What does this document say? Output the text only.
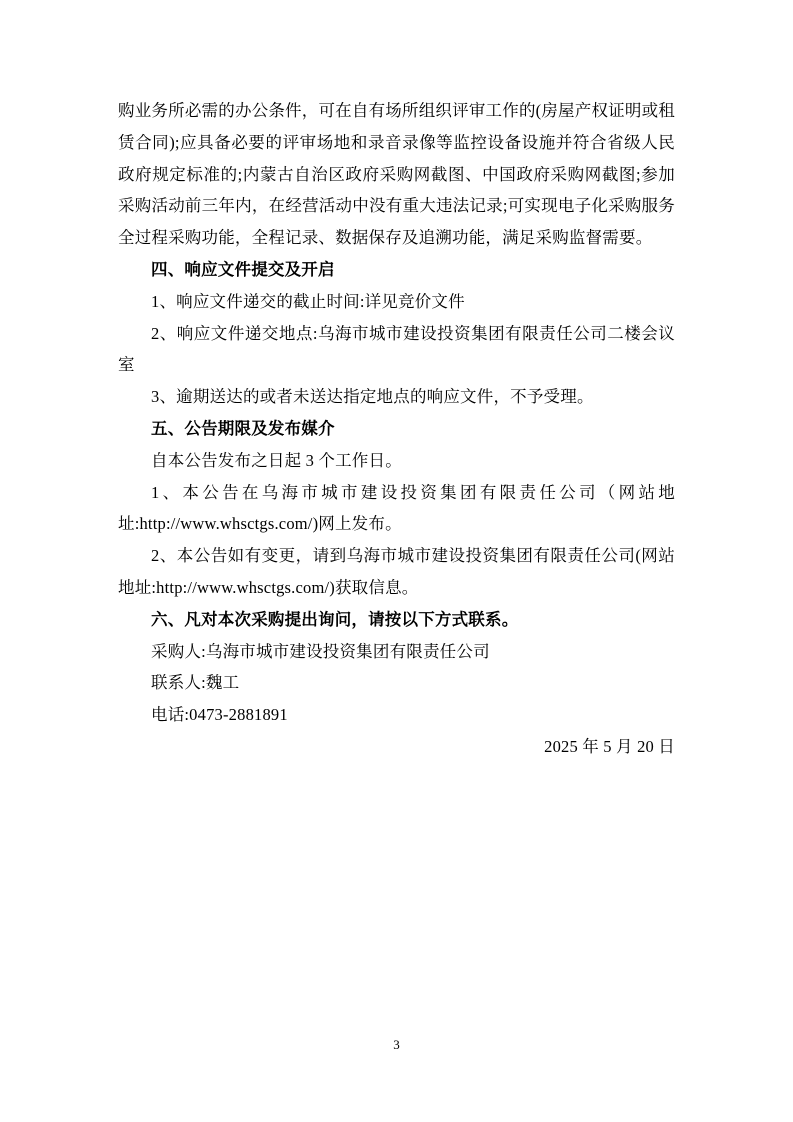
购业务所必需的办公条件，可在自有场所组织评审工作的(房屋产权证明或租赁合同);应具备必要的评审场地和录音录像等监控设备设施并符合省级人民政府规定标准的;内蒙古自治区政府采购网截图、中国政府采购网截图;参加采购活动前三年内，在经营活动中没有重大违法记录;可实现电子化采购服务全过程采购功能，全程记录、数据保存及追溯功能，满足采购监督需要。

四、响应文件提交及开启

1、响应文件递交的截止时间:详见竞价文件

2、响应文件递交地点:乌海市城市建设投资集团有限责任公司二楼会议室

3、逾期送达的或者未送达指定地点的响应文件，不予受理。

五、公告期限及发布媒介

自本公告发布之日起 3 个工作日。

1、本公告在乌海市城市建设投资集团有限责任公司（网站地址:http://www.whsctgs.com/)网上发布。

2、本公告如有变更，请到乌海市城市建设投资集团有限责任公司(网站地址:http://www.whsctgs.com/)获取信息。

六、凡对本次采购提出询问，请按以下方式联系。

采购人:乌海市城市建设投资集团有限责任公司

联系人:魏工

电话:0473-2881891

2025 年 5 月 20 日

3
